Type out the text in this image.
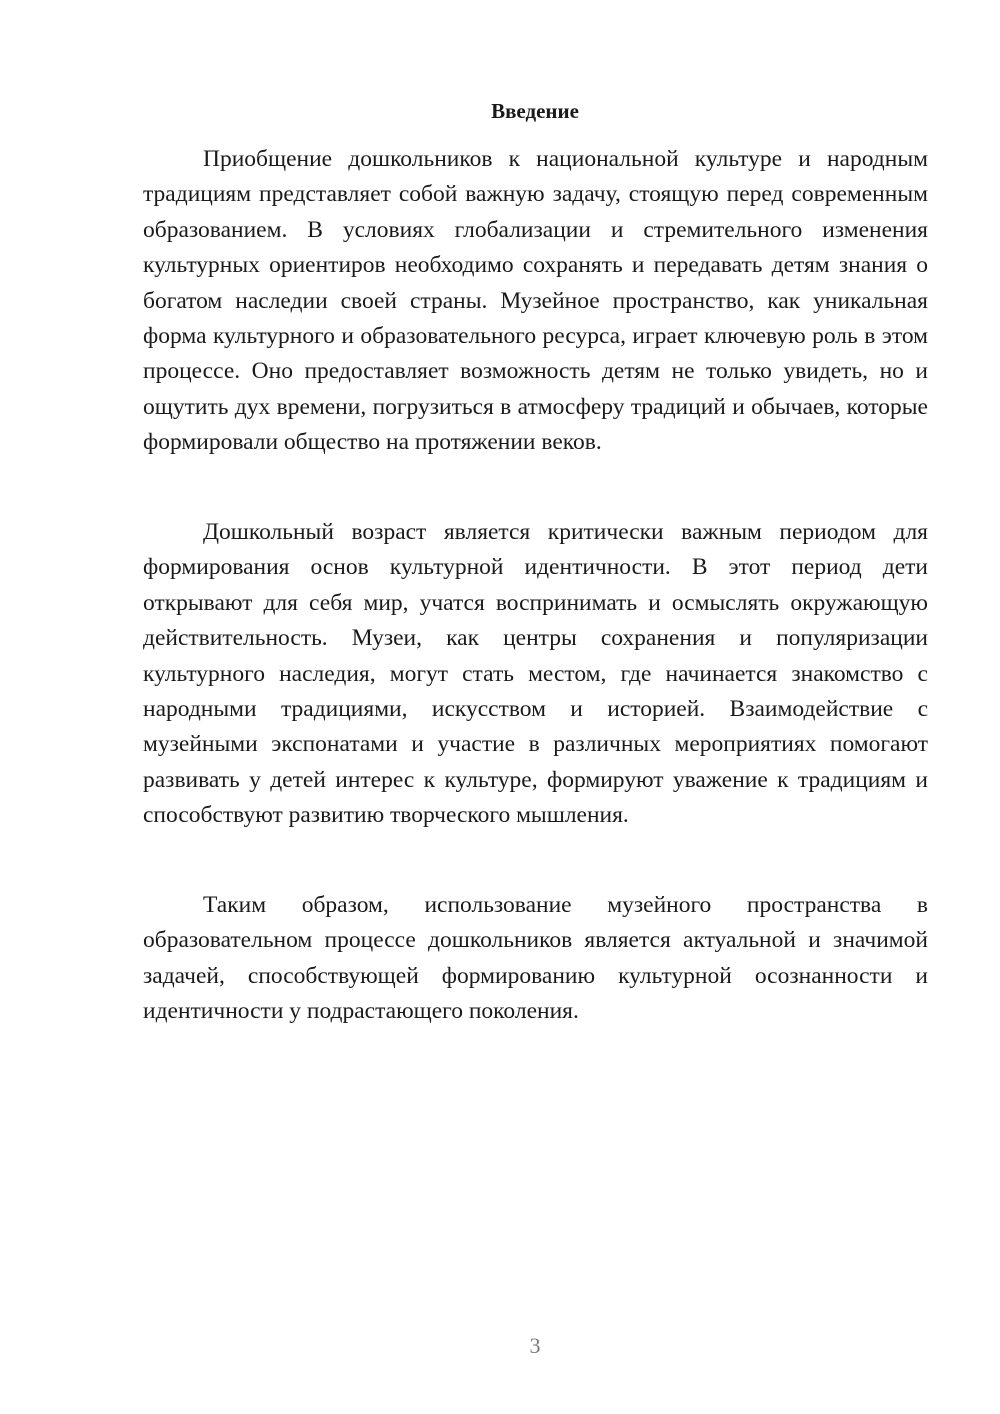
Введение

Приобщение дошкольников к национальной культуре и народным традициям представляет собой важную задачу, стоящую перед современным образованием. В условиях глобализации и стремительного изменения культурных ориентиров необходимо сохранять и передавать детям знания о богатом наследии своей страны. Музейное пространство, как уникальная форма культурного и образовательного ресурса, играет ключевую роль в этом процессе. Оно предоставляет возможность детям не только увидеть, но и ощутить дух времени, погрузиться в атмосферу традиций и обычаев, которые формировали общество на протяжении веков.

Дошкольный возраст является критически важным периодом для формирования основ культурной идентичности. В этот период дети открывают для себя мир, учатся воспринимать и осмыслять окружающую действительность. Музеи, как центры сохранения и популяризации культурного наследия, могут стать местом, где начинается знакомство с народными традициями, искусством и историей. Взаимодействие с музейными экспонатами и участие в различных мероприятиях помогают развивать у детей интерес к культуре, формируют уважение к традициям и способствуют развитию творческого мышления.

Таким образом, использование музейного пространства в образовательном процессе дошкольников является актуальной и значимой задачей, способствующей формированию культурной осознанности и идентичности у подрастающего поколения.

3
